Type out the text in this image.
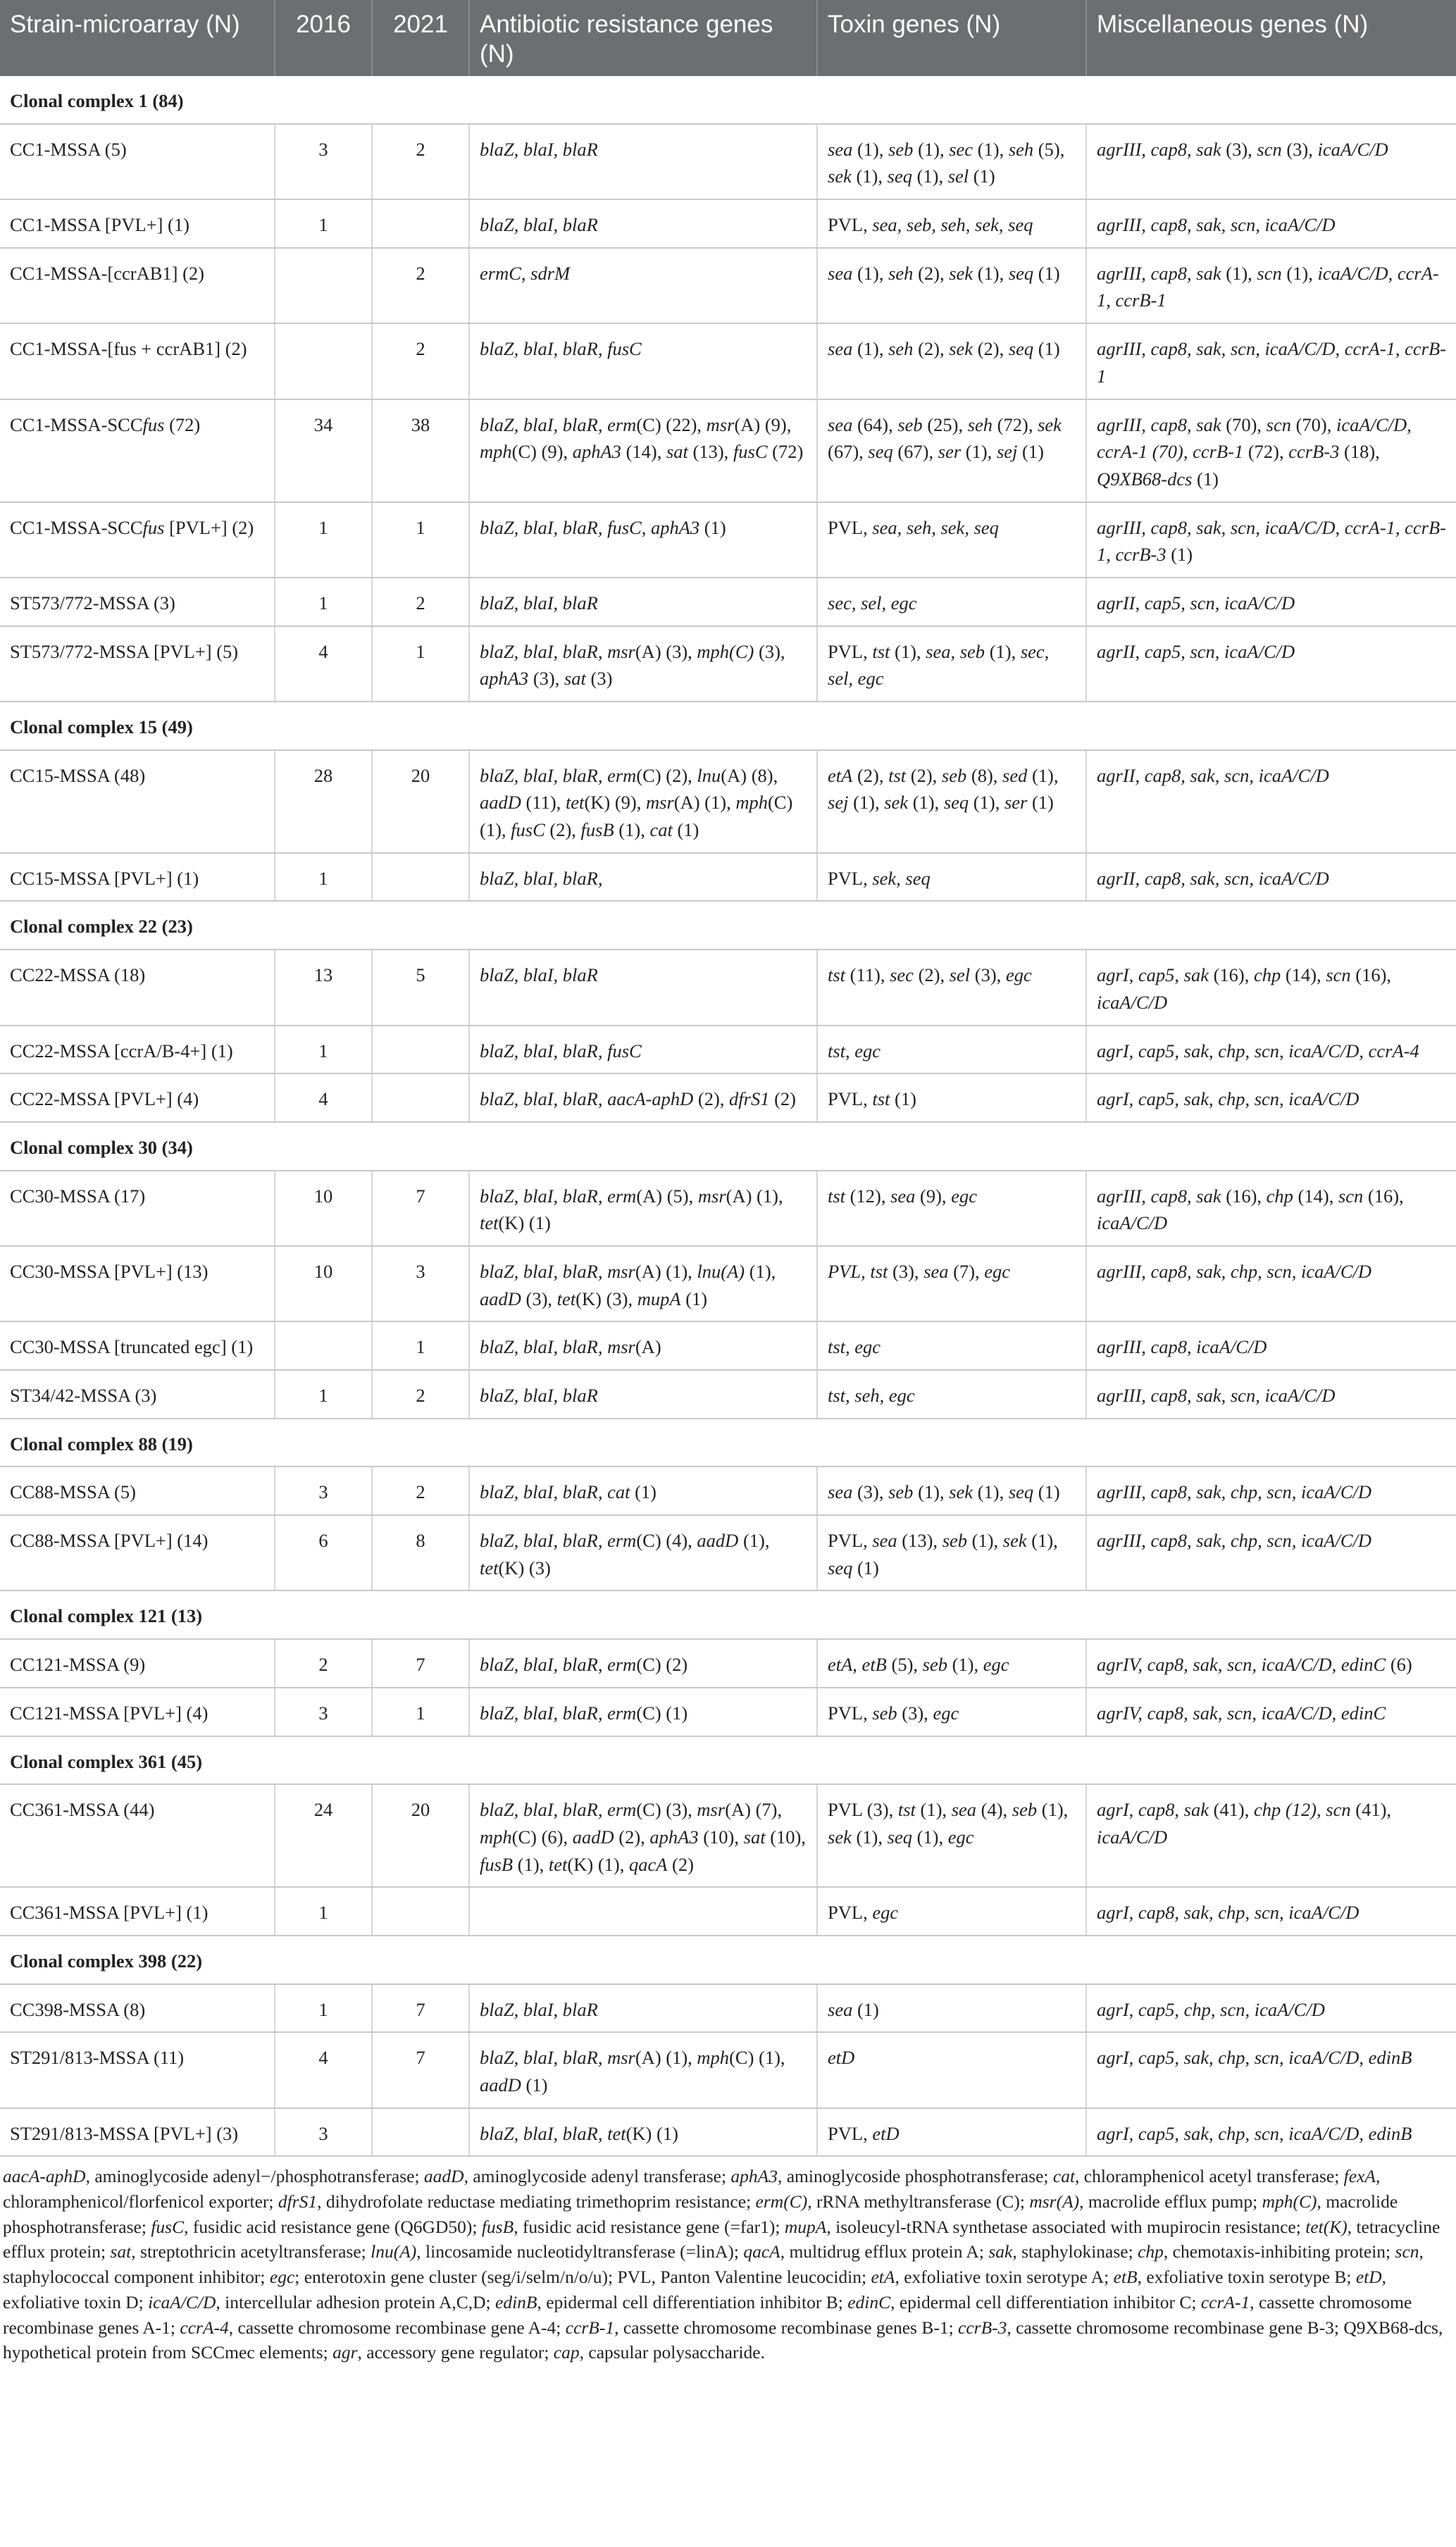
Strain-microarray (N)	2016	2021	Antibiotic resistance genes (N)	Toxin genes (N)	Miscellaneous genes (N)
Clonal complex 1 (84)					
CC1-MSSA (5)	3	2	blaZ, blaI, blaR	sea (1), seb (1), sec (1), seh (5), sek (1), seq (1), sel (1)	agrIII, cap8, sak (3), scn (3), icaA/C/D
CC1-MSSA [PVL+] (1)	1		blaZ, blaI, blaR	PVL, sea, seb, seh, sek, seq	agrIII, cap8, sak, scn, icaA/C/D
CC1-MSSA-[ccrAB1] (2)		2	ermC, sdrM	sea (1), seh (2), sek (1), seq (1)	agrIII, cap8, sak (1), scn (1), icaA/C/D, ccrA-1, ccrB-1
CC1-MSSA-[fus + ccrAB1] (2)		2	blaZ, blaI, blaR, fusC	sea (1), seh (2), sek (2), seq (1)	agrIII, cap8, sak, scn, icaA/C/D, ccrA-1, ccrB-1
CC1-MSSA-SCCfus (72)	34	38	blaZ, blaI, blaR, erm(C) (22), msr(A) (9), mph(C) (9), aphA3 (14), sat (13), fusC (72)	sea (64), seb (25), seh (72), sek (67), seq (67), ser (1), sej (1)	agrIII, cap8, sak (70), scn (70), icaA/C/D, ccrA-1 (70), ccrB-1 (72), ccrB-3 (18), Q9XB68-dcs (1)
CC1-MSSA-SCCfus [PVL+] (2)	1	1	blaZ, blaI, blaR, fusC, aphA3 (1)	PVL, sea, seh, sek, seq	agrIII, cap8, sak, scn, icaA/C/D, ccrA-1, ccrB-1, ccrB-3 (1)
ST573/772-MSSA (3)	1	2	blaZ, blaI, blaR	sec, sel, egc	agrII, cap5, scn, icaA/C/D
ST573/772-MSSA [PVL+] (5)	4	1	blaZ, blaI, blaR, msr(A) (3), mph(C) (3), aphA3 (3), sat (3)	PVL, tst (1), sea, seb (1), sec, sel, egc	agrII, cap5, scn, icaA/C/D
Clonal complex 15 (49)					
CC15-MSSA (48)	28	20	blaZ, blaI, blaR, erm(C) (2), lnu(A) (8), aadD (11), tet(K) (9), msr(A) (1), mph(C) (1), fusC (2), fusB (1), cat (1)	etA (2), tst (2), seb (8), sed (1), sej (1), sek (1), seq (1), ser (1)	agrII, cap8, sak, scn, icaA/C/D
CC15-MSSA [PVL+] (1)	1		blaZ, blaI, blaR,	PVL, sek, seq	agrII, cap8, sak, scn, icaA/C/D
Clonal complex 22 (23)					
CC22-MSSA (18)	13	5	blaZ, blaI, blaR	tst (11), sec (2), sel (3), egc	agrI, cap5, sak (16), chp (14), scn (16), icaA/C/D
CC22-MSSA [ccrA/B-4+] (1)	1		blaZ, blaI, blaR, fusC	tst, egc	agrI, cap5, sak, chp, scn, icaA/C/D, ccrA-4
CC22-MSSA [PVL+] (4)	4		blaZ, blaI, blaR, aacA-aphD (2), dfrS1 (2)	PVL, tst (1)	agrI, cap5, sak, chp, scn, icaA/C/D
Clonal complex 30 (34)					
CC30-MSSA (17)	10	7	blaZ, blaI, blaR, erm(A) (5), msr(A) (1), tet(K) (1)	tst (12), sea (9), egc	agrIII, cap8, sak (16), chp (14), scn (16), icaA/C/D
CC30-MSSA [PVL+] (13)	10	3	blaZ, blaI, blaR, msr(A) (1), lnu(A) (1), aadD (3), tet(K) (3), mupA (1)	PVL, tst (3), sea (7), egc	agrIII, cap8, sak, chp, scn, icaA/C/D
CC30-MSSA [truncated egc] (1)		1	blaZ, blaI, blaR, msr(A)	tst, egc	agrIII, cap8, icaA/C/D
ST34/42-MSSA (3)	1	2	blaZ, blaI, blaR	tst, seh, egc	agrIII, cap8, sak, scn, icaA/C/D
Clonal complex 88 (19)					
CC88-MSSA (5)	3	2	blaZ, blaI, blaR, cat (1)	sea (3), seb (1), sek (1), seq (1)	agrIII, cap8, sak, chp, scn, icaA/C/D
CC88-MSSA [PVL+] (14)	6	8	blaZ, blaI, blaR, erm(C) (4), aadD (1), tet(K) (3)	PVL, sea (13), seb (1), sek (1), seq (1)	agrIII, cap8, sak, chp, scn, icaA/C/D
Clonal complex 121 (13)					
CC121-MSSA (9)	2	7	blaZ, blaI, blaR, erm(C) (2)	etA, etB (5), seb (1), egc	agrIV, cap8, sak, scn, icaA/C/D, edinC (6)
CC121-MSSA [PVL+] (4)	3	1	blaZ, blaI, blaR, erm(C) (1)	PVL, seb (3), egc	agrIV, cap8, sak, scn, icaA/C/D, edinC
Clonal complex 361 (45)					
CC361-MSSA (44)	24	20	blaZ, blaI, blaR, erm(C) (3), msr(A) (7), mph(C) (6), aadD (2), aphA3 (10), sat (10), fusB (1), tet(K) (1), qacA (2)	PVL (3), tst (1), sea (4), seb (1), sek (1), seq (1), egc	agrI, cap8, sak (41), chp (12), scn (41), icaA/C/D
CC361-MSSA [PVL+] (1)	1			PVL, egc	agrI, cap8, sak, chp, scn, icaA/C/D
Clonal complex 398 (22)					
CC398-MSSA (8)	1	7	blaZ, blaI, blaR	sea (1)	agrI, cap5, chp, scn, icaA/C/D
ST291/813-MSSA (11)	4	7	blaZ, blaI, blaR, msr(A) (1), mph(C) (1), aadD (1)	etD	agrI, cap5, sak, chp, scn, icaA/C/D, edinB
ST291/813-MSSA [PVL+] (3)	3		blaZ, blaI, blaR, tet(K) (1)	PVL, etD	agrI, cap5, sak, chp, scn, icaA/C/D, edinB
aacA-aphD, aminoglycoside adenyl−/phosphotransferase; aadD, aminoglycoside adenyl transferase; aphA3, aminoglycoside phosphotransferase; cat, chloramphenicol acetyl transferase; fexA, chloramphenicol/florfenicol exporter; dfrS1, dihydrofolate reductase mediating trimethoprim resistance; erm(C), rRNA methyltransferase (C); msr(A), macrolide efflux pump; mph(C), macrolide phosphotransferase; fusC, fusidic acid resistance gene (Q6GD50); fusB, fusidic acid resistance gene (=far1); mupA, isoleucyl-tRNA synthetase associated with mupirocin resistance; tet(K), tetracycline efflux protein; sat, streptothricin acetyltransferase; lnu(A), lincosamide nucleotidyltransferase (=linA); qacA, multidrug efflux protein A; sak, staphylokinase; chp, chemotaxis-inhibiting protein; scn, staphylococcal component inhibitor; egc; enterotoxin gene cluster (seg/i/selm/n/o/u); PVL, Panton Valentine leucocidin; etA, exfoliative toxin serotype A; etB, exfoliative toxin serotype B; etD, exfoliative toxin D; icaA/C/D, intercellular adhesion protein A,C,D; edinB, epidermal cell differentiation inhibitor B; edinC, epidermal cell differentiation inhibitor C; ccrA-1, cassette chromosome recombinase genes A-1; ccrA-4, cassette chromosome recombinase gene A-4; ccrB-1, cassette chromosome recombinase genes B-1; ccrB-3, cassette chromosome recombinase gene B-3; Q9XB68-dcs, hypothetical protein from SCCmec elements; agr, accessory gene regulator; cap, capsular polysaccharide.
